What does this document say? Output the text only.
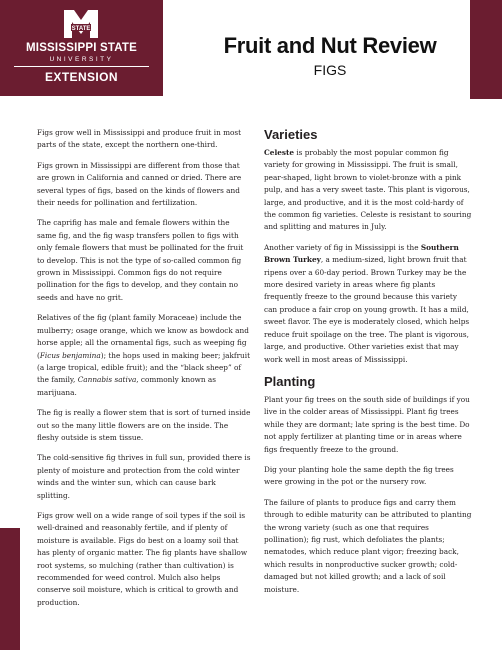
STATE
MISSISSIPPI STATE
UNIVERSITY
EXTENSION
Fruit and Nut Review
FIGS

Figs grow well in Mississippi and produce fruit in most parts of the state, except the northern one-third.

Figs grown in Mississippi are different from those that are grown in California and canned or dried. There are several types of figs, based on the kinds of flowers and their needs for pollination and fertilization.

The caprifig has male and female flowers within the same fig, and the fig wasp transfers pollen to figs with only female flowers that must be pollinated for the fruit to develop. This is not the type of so-called common fig grown in Mississippi. Common figs do not require pollination for the figs to develop, and they contain no seeds and have no grit.

Relatives of the fig (plant family Moraceae) include the mulberry; osage orange, which we know as bowdock and horse apple; all the ornamental figs, such as weeping fig (Ficus benjamina); the hops used in making beer; jakfruit (a large tropical, edible fruit); and the “black sheep” of the family, Cannabis sativa, commonly known as marijuana.

The fig is really a flower stem that is sort of turned inside out so the many little flowers are on the inside. The fleshy outside is stem tissue.

The cold-sensitive fig thrives in full sun, provided there is plenty of moisture and protection from the cold winter winds and the winter sun, which can cause bark splitting.

Figs grow well on a wide range of soil types if the soil is well-drained and reasonably fertile, and if plenty of moisture is available. Figs do best on a loamy soil that has plenty of organic matter. The fig plants have shallow root systems, so mulching (rather than cultivation) is recommended for weed control. Mulch also helps conserve soil moisture, which is critical to growth and production.

Varieties

Celeste is probably the most popular common fig variety for growing in Mississippi. The fruit is small, pear-shaped, light brown to violet-bronze with a pink pulp, and has a very sweet taste. This plant is vigorous, large, and productive, and it is the most cold-hardy of the common fig varieties. Celeste is resistant to souring and splitting and matures in July.

Another variety of fig in Mississippi is the Southern Brown Turkey, a medium-sized, light brown fruit that ripens over a 60-day period. Brown Turkey may be the more desired variety in areas where fig plants frequently freeze to the ground because this variety can produce a fair crop on young growth. It has a mild, sweet flavor. The eye is moderately closed, which helps reduce fruit spoilage on the tree. The plant is vigorous, large, and productive. Other varieties exist that may work well in most areas of Mississippi.

Planting

Plant your fig trees on the south side of buildings if you live in the colder areas of Mississippi. Plant fig trees while they are dormant; late spring is the best time. Do not apply fertilizer at planting time or in areas where figs frequently freeze to the ground.

Dig your planting hole the same depth the fig trees were growing in the pot or the nursery row.

The failure of plants to produce figs and carry them through to edible maturity can be attributed to planting the wrong variety (such as one that requires pollination); fig rust, which defoliates the plants; nematodes, which reduce plant vigor; freezing back, which results in nonproductive sucker growth; cold-damaged but not killed growth; and a lack of soil moisture.
